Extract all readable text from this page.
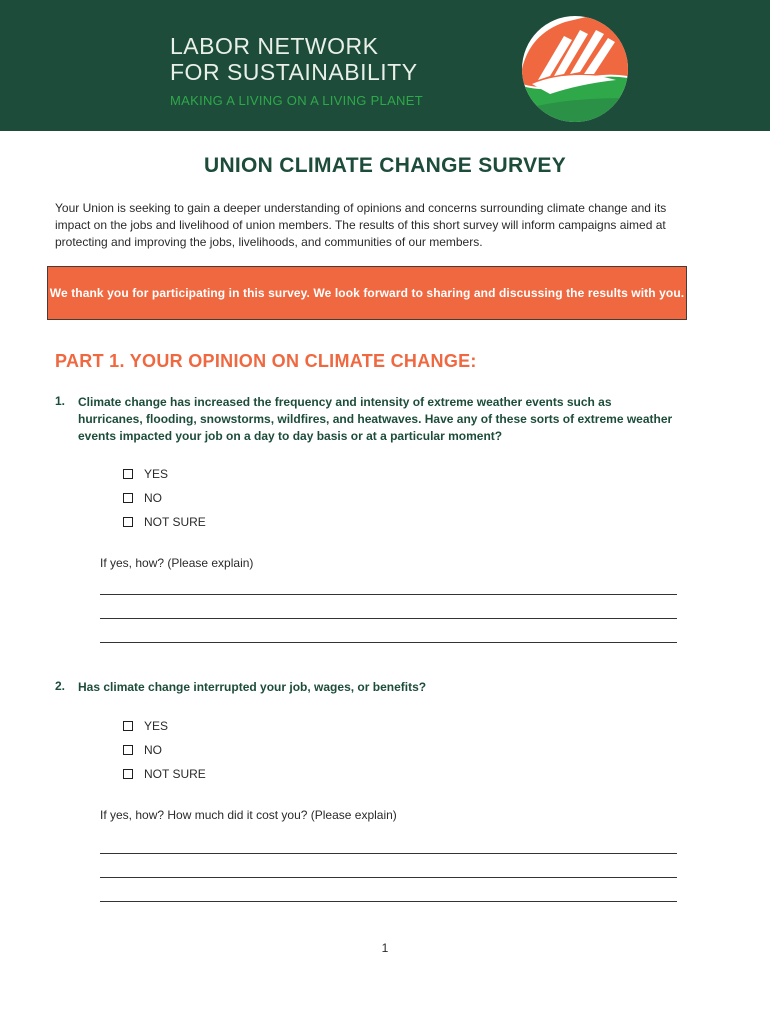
LABOR NETWORK
FOR SUSTAINABILITY
MAKING A LIVING ON A LIVING PLANET
UNION CLIMATE CHANGE SURVEY
Your Union is seeking to gain a deeper understanding of opinions and concerns surrounding climate change and its impact on the jobs and livelihood of union members. The results of this short survey will inform campaigns aimed at protecting and improving the jobs, livelihoods, and communities of our members.
We thank you for participating in this survey. We look forward to sharing and discussing the results with you.
PART 1. YOUR OPINION ON CLIMATE CHANGE:
1. Climate change has increased the frequency and intensity of extreme weather events such as hurricanes, flooding, snowstorms, wildfires, and heatwaves. Have any of these sorts of extreme weather events impacted your job on a day to day basis or at a particular moment?
YES
NO
NOT SURE
If yes, how? (Please explain)
2. Has climate change interrupted your job, wages, or benefits?
YES
NO
NOT SURE
If yes, how? How much did it cost you? (Please explain)
1
